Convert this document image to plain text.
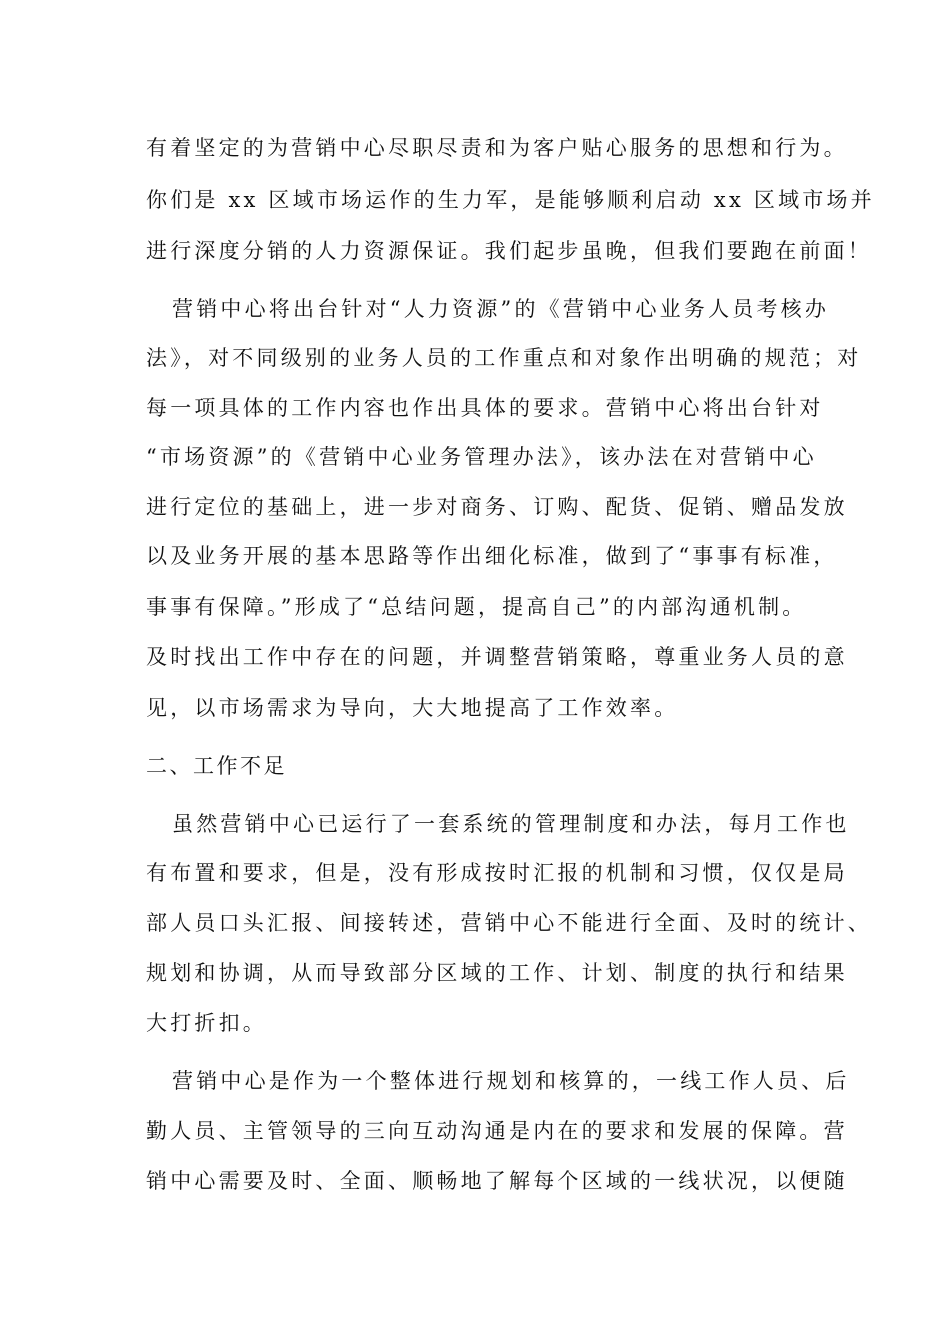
有着坚定的为营销中心尽职尽责和为客户贴心服务的思想和行为。
你们是 xx 区域市场运作的生力军，是能够顺利启动 xx 区域市场并
进行深度分销的人力资源保证。我们起步虽晚，但我们要跑在前面！
营销中心将出台针对“人力资源”的《营销中心业务人员考核办
法》，对不同级别的业务人员的工作重点和对象作出明确的规范；对
每一项具体的工作内容也作出具体的要求。营销中心将出台针对
“市场资源”的《营销中心业务管理办法》，该办法在对营销中心
进行定位的基础上，进一步对商务、订购、配货、促销、赠品发放
以及业务开展的基本思路等作出细化标准，做到了“事事有标准，
事事有保障。”形成了“总结问题，提高自己”的内部沟通机制。
及时找出工作中存在的问题，并调整营销策略，尊重业务人员的意
见，以市场需求为导向，大大地提高了工作效率。
二、工作不足
虽然营销中心已运行了一套系统的管理制度和办法，每月工作也
有布置和要求，但是，没有形成按时汇报的机制和习惯，仅仅是局
部人员口头汇报、间接转述，营销中心不能进行全面、及时的统计、
规划和协调，从而导致部分区域的工作、计划、制度的执行和结果
大打折扣。
营销中心是作为一个整体进行规划和核算的，一线工作人员、后
勤人员、主管领导的三向互动沟通是内在的要求和发展的保障。营
销中心需要及时、全面、顺畅地了解每个区域的一线状况，以便随
